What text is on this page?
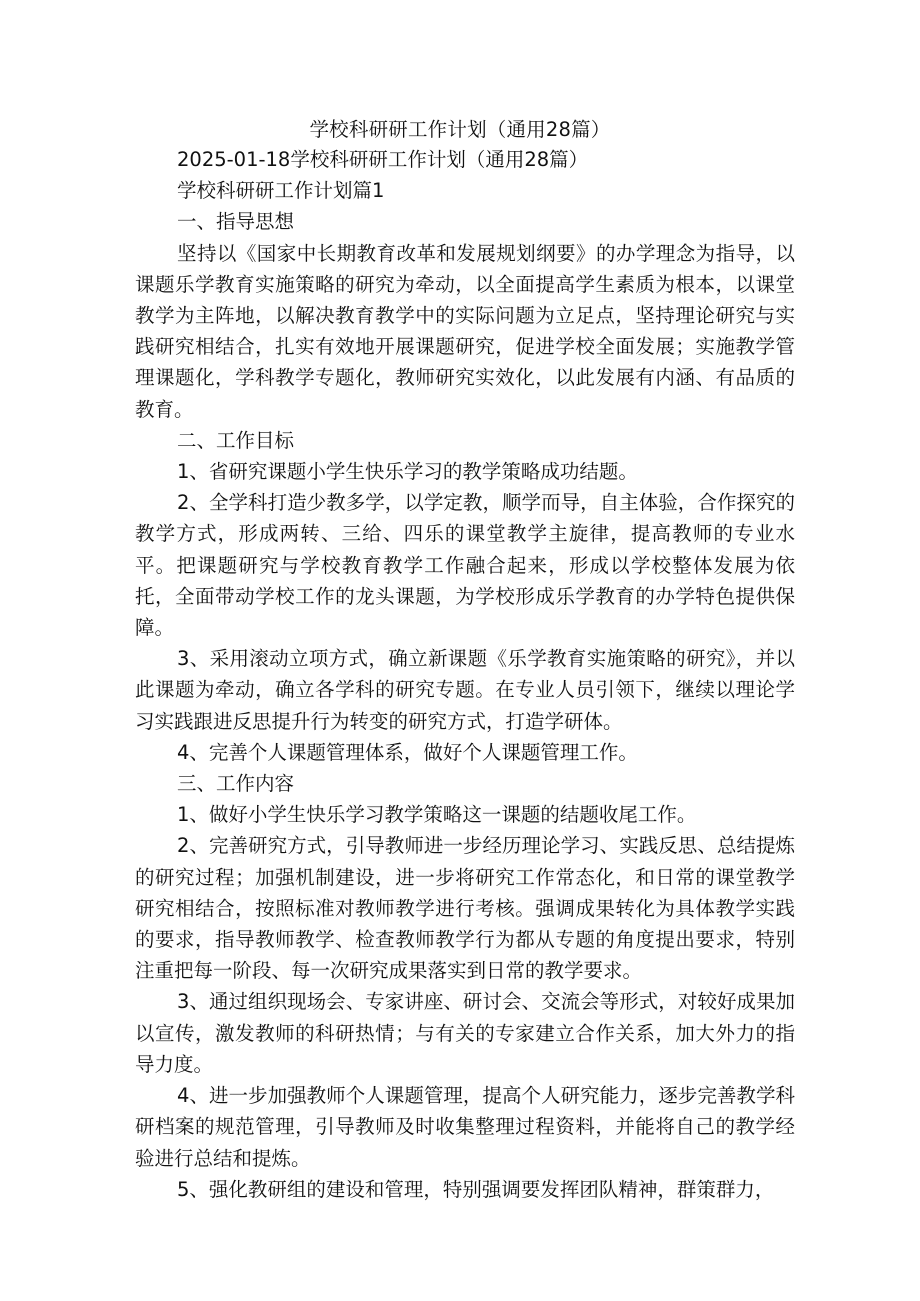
学校科研研工作计划（通用28篇）
2025-01-18学校科研研工作计划（通用28篇）
学校科研研工作计划篇1
一、指导思想

坚持以《国家中长期教育改革和发展规划纲要》的办学理念为指导，以课题乐学教育实施策略的研究为牵动，以全面提高学生素质为根本，以课堂教学为主阵地，以解决教育教学中的实际问题为立足点，坚持理论研究与实践研究相结合，扎实有效地开展课题研究，促进学校全面发展；实施教学管理课题化，学科教学专题化，教师研究实效化，以此发展有内涵、有品质的教育。

二、工作目标

1、省研究课题小学生快乐学习的教学策略成功结题。

2、全学科打造少教多学，以学定教，顺学而导，自主体验，合作探究的教学方式，形成两转、三给、四乐的课堂教学主旋律，提高教师的专业水平。把课题研究与学校教育教学工作融合起来，形成以学校整体发展为依托，全面带动学校工作的龙头课题，为学校形成乐学教育的办学特色提供保障。

3、采用滚动立项方式，确立新课题《乐学教育实施策略的研究》，并以此课题为牵动，确立各学科的研究专题。在专业人员引领下，继续以理论学习实践跟进反思提升行为转变的研究方式，打造学研体。

4、完善个人课题管理体系，做好个人课题管理工作。

三、工作内容

1、做好小学生快乐学习教学策略这一课题的结题收尾工作。

2、完善研究方式，引导教师进一步经历理论学习、实践反思、总结提炼的研究过程；加强机制建设，进一步将研究工作常态化，和日常的课堂教学研究相结合，按照标准对教师教学进行考核。强调成果转化为具体教学实践的要求，指导教师教学、检查教师教学行为都从专题的角度提出要求，特别注重把每一阶段、每一次研究成果落实到日常的教学要求。

3、通过组织现场会、专家讲座、研讨会、交流会等形式，对较好成果加以宣传，激发教师的科研热情；与有关的专家建立合作关系，加大外力的指导力度。

4、进一步加强教师个人课题管理，提高个人研究能力，逐步完善教学科研档案的规范管理，引导教师及时收集整理过程资料，并能将自己的教学经验进行总结和提炼。

5、强化教研组的建设和管理，特别强调要发挥团队精神，群策群力，
